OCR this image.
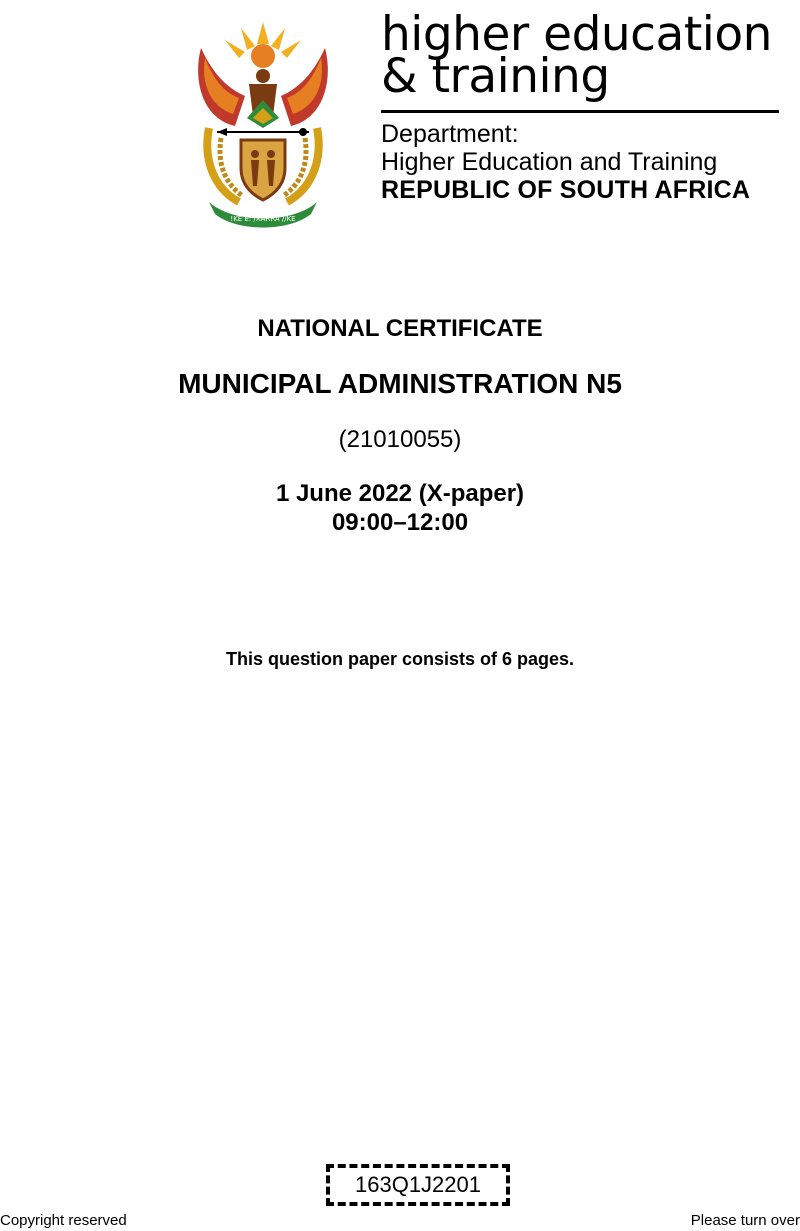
!KE E: /XARRA //KE
higher education
& training
Department:
Higher Education and Training
REPUBLIC OF SOUTH AFRICA
NATIONAL CERTIFICATE
MUNICIPAL ADMINISTRATION N5
(21010055)
1 June 2022 (X-paper)
09:00–12:00
This question paper consists of 6 pages.
163Q1J2201
Copyright reserved	Please turn over
